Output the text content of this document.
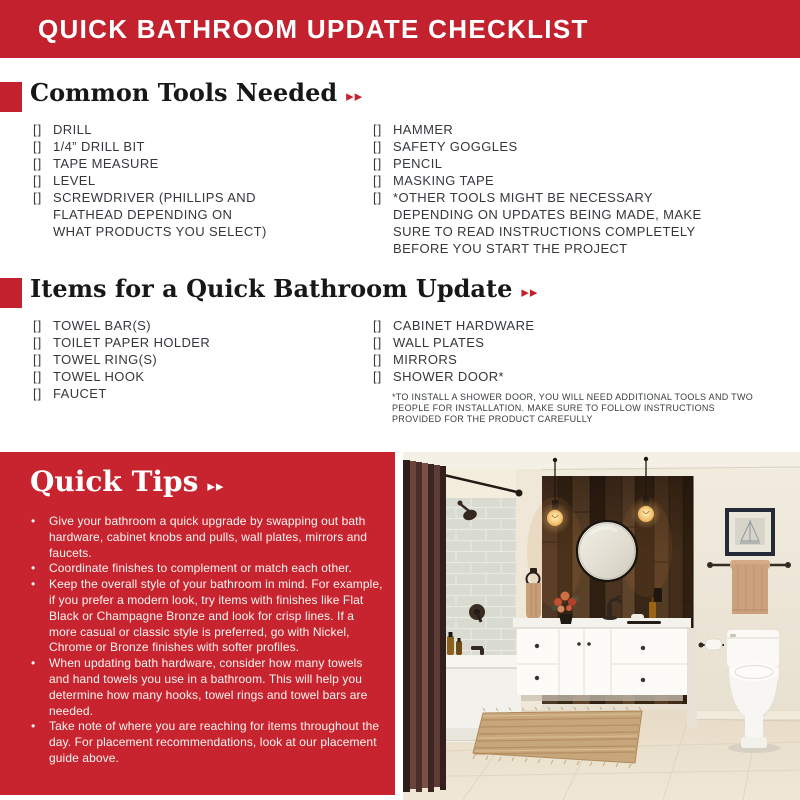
QUICK BATHROOM UPDATE CHECKLIST
Common Tools Needed ▸▸
[] DRILL
[] 1/4” DRILL BIT
[] TAPE MEASURE
[] LEVEL
[] SCREWDRIVER (PHILLIPS AND FLATHEAD DEPENDING ON WHAT PRODUCTS YOU SELECT)
[] HAMMER
[] SAFETY GOGGLES
[] PENCIL
[] MASKING TAPE
[] *OTHER TOOLS MIGHT BE NECESSARY DEPENDING ON UPDATES BEING MADE, MAKE SURE TO READ INSTRUCTIONS COMPLETELY BEFORE YOU START THE PROJECT
Items for a Quick Bathroom Update ▸▸
[] TOWEL BAR(S)
[] TOILET PAPER HOLDER
[] TOWEL RING(S)
[] TOWEL HOOK
[] FAUCET
[] CABINET HARDWARE
[] WALL PLATES
[] MIRRORS
[] SHOWER DOOR*
*TO INSTALL A SHOWER DOOR, YOU WILL NEED ADDITIONAL TOOLS AND TWO PEOPLE FOR INSTALLATION. MAKE SURE TO FOLLOW INSTRUCTIONS PROVIDED FOR THE PRODUCT CAREFULLY
Quick Tips ▸▸
•	Give your bathroom a quick upgrade by swapping out bath hardware, cabinet knobs and pulls, wall plates, mirrors and faucets.
•	Coordinate finishes to complement or match each other.
•	Keep the overall style of your bathroom in mind. For example, if you prefer a modern look, try items with finishes like Flat Black or Champagne Bronze and look for crisp lines. If a more casual or classic style is preferred, go with Nickel, Chrome or Bronze finishes with softer profiles.
•	When updating bath hardware, consider how many towels and hand towels you use in a bathroom. This will help you determine how many hooks, towel rings and towel bars are needed.
•	Take note of where you are reaching for items throughout the day. For placement recommendations, look at our placement guide above.
